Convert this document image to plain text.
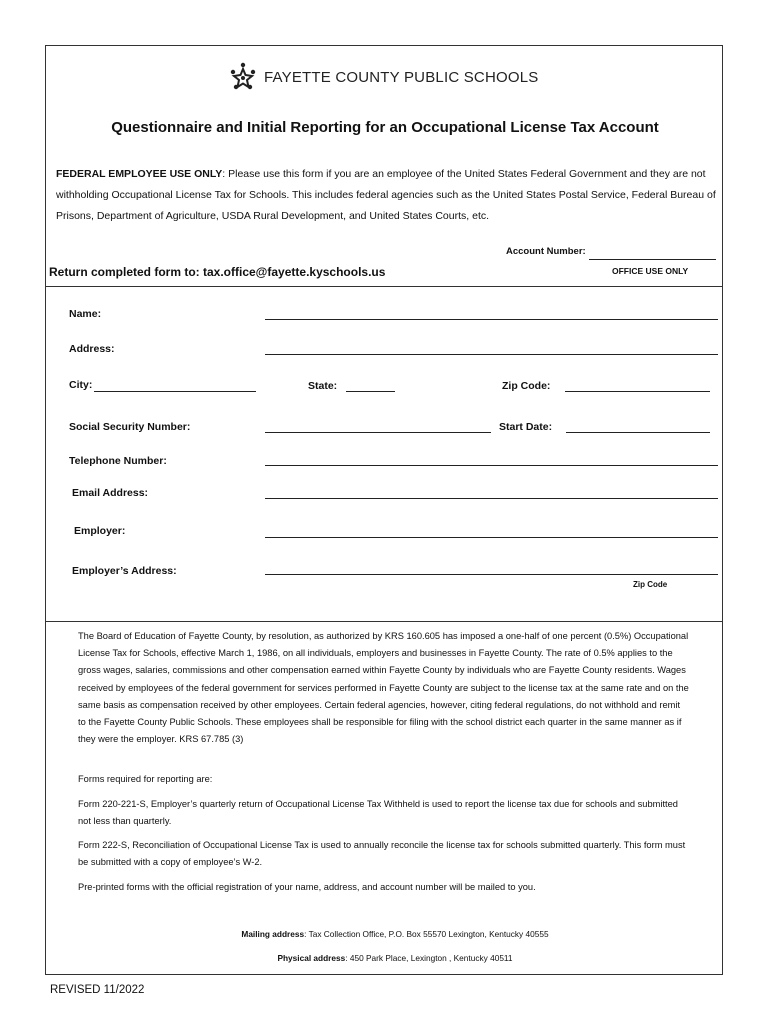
FAYETTE COUNTY PUBLIC SCHOOLS
Questionnaire and Initial Reporting for an Occupational License Tax Account
FEDERAL EMPLOYEE USE ONLY: Please use this form if you are an employee of the United States Federal Government and they are not withholding Occupational License Tax for Schools. This includes federal agencies such as the United States Postal Service, Federal Bureau of Prisons, Department of Agriculture, USDA Rural Development, and United States Courts, etc.
Account Number:
OFFICE USE ONLY
Return completed form to: tax.office@fayette.kyschools.us
Name:
Address:
City:	State:	Zip Code:
Social Security Number:	Start Date:
Telephone Number:
Email Address:
Employer:
Employer’s Address:
Zip Code

The Board of Education of Fayette County, by resolution, as authorized by KRS 160.605 has imposed a one-half of one percent (0.5%) Occupational License Tax for Schools, effective March 1, 1986, on all individuals, employers and businesses in Fayette County. The rate of 0.5% applies to the gross wages, salaries, commissions and other compensation earned within Fayette County by individuals who are Fayette County residents. Wages received by employees of the federal government for services performed in Fayette County are subject to the license tax at the same rate and on the same basis as compensation received by other employees. Certain federal agencies, however, citing federal regulations, do not withhold and remit to the Fayette County Public Schools. These employees shall be responsible for filing with the school district each quarter in the same manner as if they were the employer. KRS 67.785 (3)

Forms required for reporting are:

Form 220-221-S, Employer’s quarterly return of Occupational License Tax Withheld is used to report the license tax due for schools and submitted not less than quarterly.

Form 222-S, Reconciliation of Occupational License Tax is used to annually reconcile the license tax for schools submitted quarterly. This form must be submitted with a copy of employee’s W-2.

Pre-printed forms with the official registration of your name, address, and account number will be mailed to you.

Mailing address: Tax Collection Office, P.O. Box 55570 Lexington, Kentucky 40555
Physical address: 450 Park Place, Lexington , Kentucky 40511
REVISED 11/2022
